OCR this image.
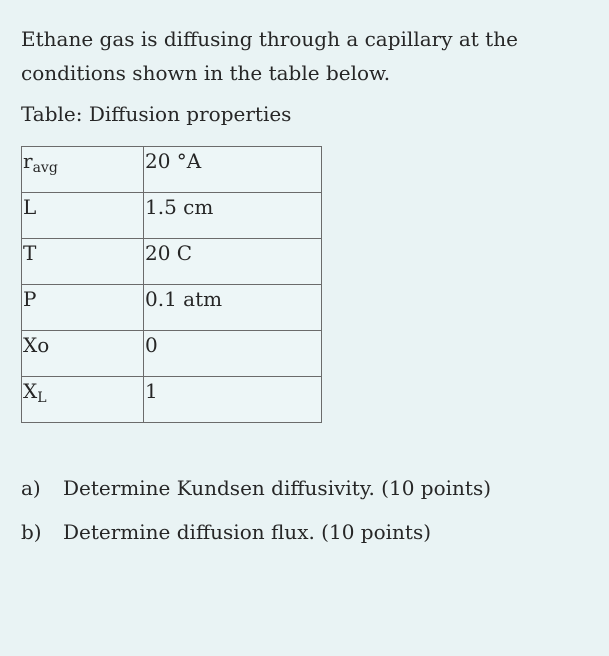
Ethane gas is diffusing through a capillary at the conditions shown in the table below.

Table: Diffusion properties

$r_{avg}$	20 °A
L	1.5 cm
T	20 C
P	0.1 atm
Xo	0
$X_L$	1

a) Determine Kundsen diffusivity. (10 points)

b) Determine diffusion flux. (10 points)
